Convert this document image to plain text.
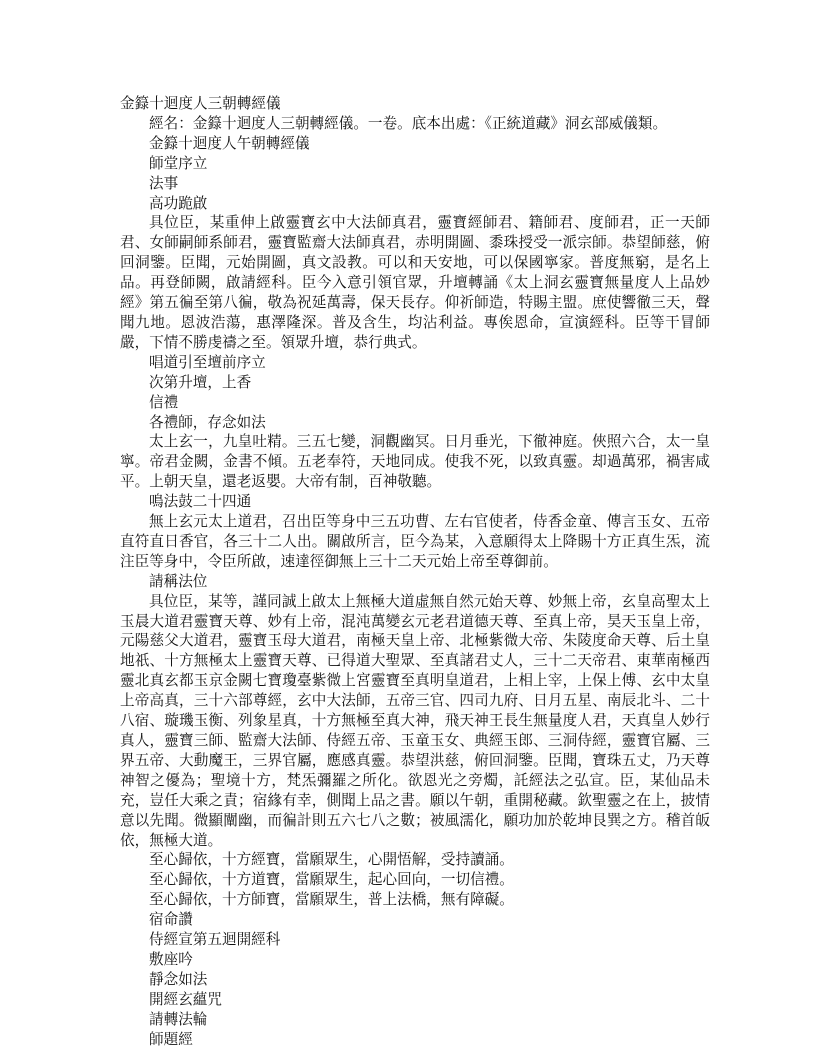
金籙十迴度人三朝轉經儀

經名：金籙十迴度人三朝轉經儀。一卷。底本出處：《正統道藏》洞玄部威儀類。

金籙十迴度人午朝轉經儀

師堂序立

法事

高功跪啟

具位臣，某重伸上啟靈寶玄中大法師真君，靈寶經師君、籍師君、度師君，正一天師君、女師嗣師系師君，靈寶監齋大法師真君，赤明開圖、黍珠授受一派宗師。恭望師慈，俯回洞鑒。臣聞，元始開圖，真文設教。可以和天安地，可以保國寧家。普度無窮，是名上品。再登師闕，啟請經科。臣今入意引領官眾，升壇轉誦《太上洞玄靈寶無量度人上品妙經》第五徧至第八徧，敬為祝延萬壽，保天長存。仰祈師造，特賜主盟。庶使響徹三天，聲聞九地。恩波浩蕩，惠澤隆深。普及含生，均沾利益。專俟恩命，宣演經科。臣等干冒師嚴，下情不勝虔禱之至。領眾升壇，恭行典式。

唱道引至壇前序立

次第升壇，上香

信禮

各禮師，存念如法

太上玄一，九皇吐精。三五七變，洞觀幽冥。日月垂光，下徹神庭。俠照六合，太一皇寧。帝君金闕，金書不傾。五老奉符，天地同成。使我不死，以致真靈。却過萬邪，禍害咸平。上朝天皇，還老返嬰。大帝有制，百神敬聽。

鳴法鼓二十四通

無上玄元太上道君，召出臣等身中三五功曹、左右官使者，侍香金童、傳言玉女、五帝直符直日香官，各三十二人出。關啟所言，臣今為某，入意願得太上降賜十方正真生炁，流注臣等身中，令臣所啟，速達徑御無上三十二天元始上帝至尊御前。

請稱法位

具位臣，某等，謹同誠上啟太上無極大道虛無自然元始天尊、妙無上帝，玄皇高聖太上玉晨大道君靈寶天尊、妙有上帝，混沌萬變玄元老君道德天尊、至真上帝，昊天玉皇上帝，元陽慈父大道君，靈寶玉母大道君，南極天皇上帝、北極紫微大帝、朱陵度命天尊、后土皇地祇、十方無極太上靈寶天尊、已得道大聖眾、至真諸君丈人，三十二天帝君、東華南極西靈北真玄都玉京金闕七寶瓊臺紫微上宮靈寶至真明皇道君，上相上宰，上保上傅、玄中太皇上帝高真，三十六部尊經，玄中大法師，五帝三官、四司九府、日月五星、南辰北斗、二十八宿、璇璣玉衡、列象星真，十方無極至真大神，飛天神王長生無量度人君，天真皇人妙行真人，靈寶三師、監齋大法師、侍經五帝、玉童玉女、典經玉郎、三洞侍經，靈寶官屬、三界五帝、大動魔王，三界官屬，應感真靈。恭望洪慈，俯回洞鑒。臣聞，寶珠五丈，乃天尊神智之優為；聖境十方，梵炁彌羅之所化。欲恩光之旁燭，託經法之弘宣。臣，某仙品未充，豈任大乘之責；宿緣有幸，側聞上品之書。願以午朝，重開秘藏。欽聖靈之在上，披情意以先聞。微顯闡幽，而徧計則五六七八之數；被風濡化，願功加於乾坤艮巽之方。稽首皈依，無極大道。

至心歸依，十方經寶，當願眾生，心開悟解，受持讀誦。

至心歸依，十方道寶，當願眾生，起心回向，一切信禮。

至心歸依，十方師寶，當願眾生，普上法橋，無有障礙。

宿命讚

侍經宣第五迴開經科

敷座吟

靜念如法

開經玄蘊咒

請轉法輪

師題經
